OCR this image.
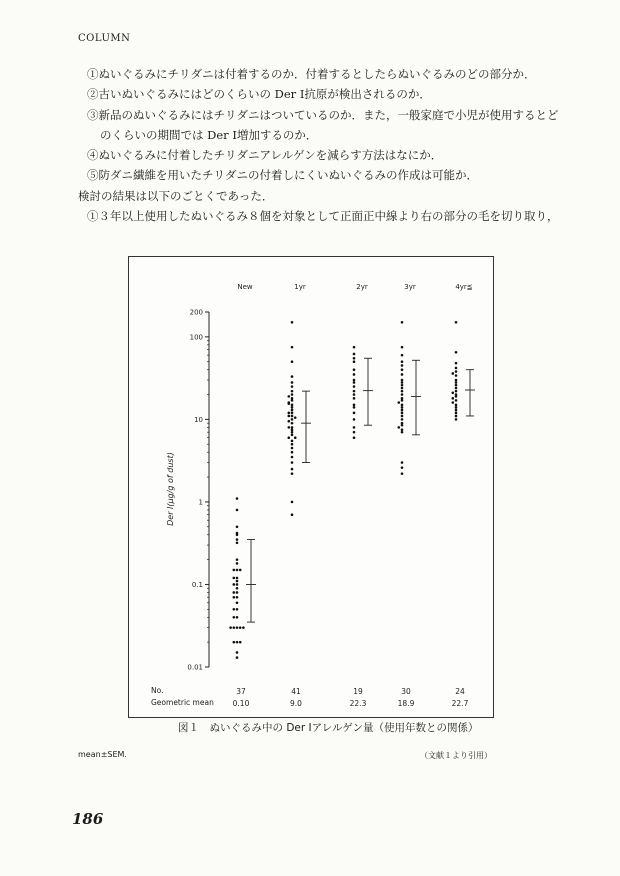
COLUMN
①ぬいぐるみにチリダニは付着するのか．付着するとしたらぬいぐるみのどの部分か．
②古いぬいぐるみにはどのくらいの Der Ⅰ抗原が検出されるのか．
③新品のぬいぐるみにはチリダニはついているのか．また，一般家庭で小児が使用するとど
のくらいの期間では Der Ⅰ増加するのか．
④ぬいぐるみに付着したチリダニアレルゲンを減らす方法はなにか．
⑤防ダニ繊維を用いたチリダニの付着しにくいぬいぐるみの作成は可能か．
検討の結果は以下のごとくであった．
①３年以上使用したぬいぐるみ８個を対象として正面正中線より右の部分の毛を切り取り，
200
100
10
1
0.1
0.01
Der Ⅰ(μg/g of dust)
New
37
0.10
1yr
41
9.0
2yr
19
22.3
3yr
30
18.9
4yr≦
24
22.7
No.
Geometric mean
図１　ぬいぐるみ中の Der Ⅰアレルゲン量（使用年数との関係）
mean±SEM.	（文献１より引用）
186
